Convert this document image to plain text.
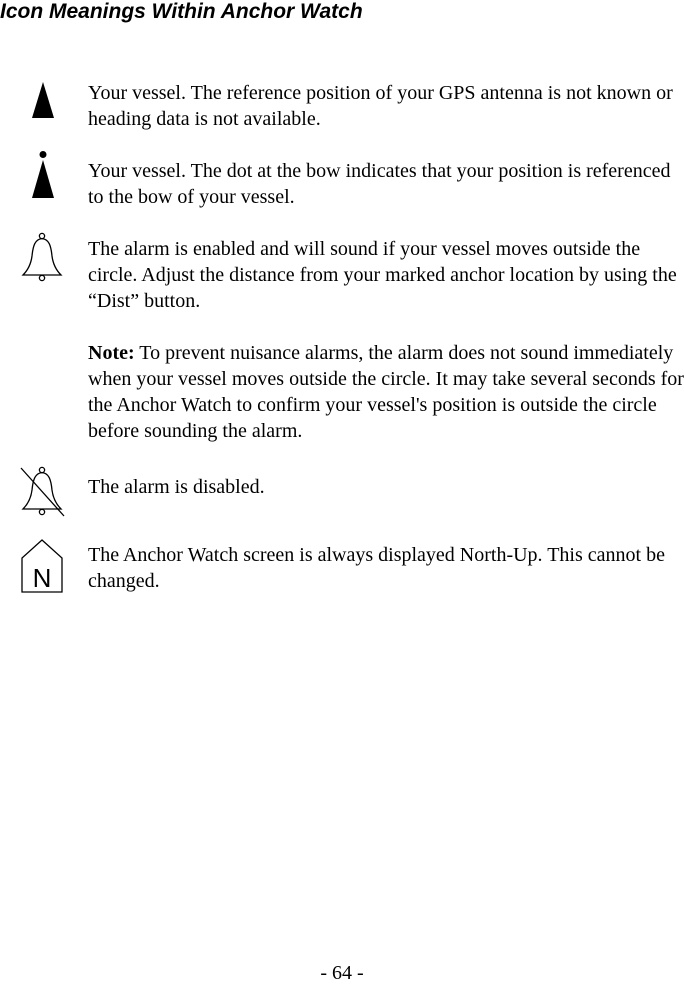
Icon Meanings Within Anchor Watch

Your vessel. The reference position of your GPS antenna is not known or heading data is not available.

Your vessel. The dot at the bow indicates that your position is referenced to the bow of your vessel.

The alarm is enabled and will sound if your vessel moves outside the circle. Adjust the distance from your marked anchor location by using the “Dist” button.

Note: To prevent nuisance alarms, the alarm does not sound immediately when your vessel moves outside the circle. It may take several seconds for the Anchor Watch to confirm your vessel's position is outside the circle before sounding the alarm.

The alarm is disabled.

N

The Anchor Watch screen is always displayed North-Up. This cannot be changed.

- 64 -
